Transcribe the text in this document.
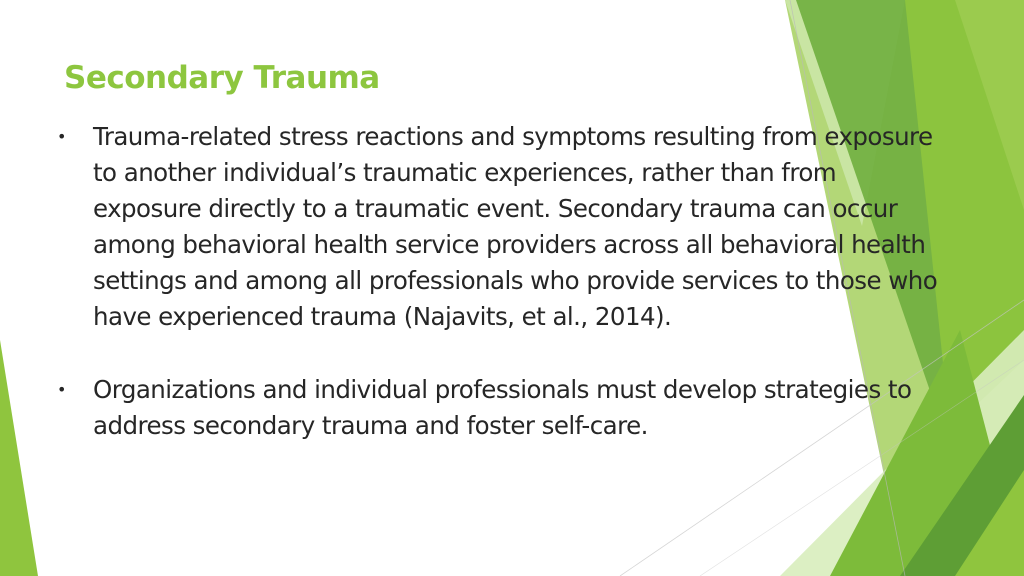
Secondary Trauma
• Trauma-related stress reactions and symptoms resulting from exposure to another individual’s traumatic experiences, rather than from exposure directly to a traumatic event. Secondary trauma can occur among behavioral health service providers across all behavioral health settings and among all professionals who provide services to those who have experienced trauma (Najavits, et al., 2014).
• Organizations and individual professionals must develop strategies to address secondary trauma and foster self-care.
